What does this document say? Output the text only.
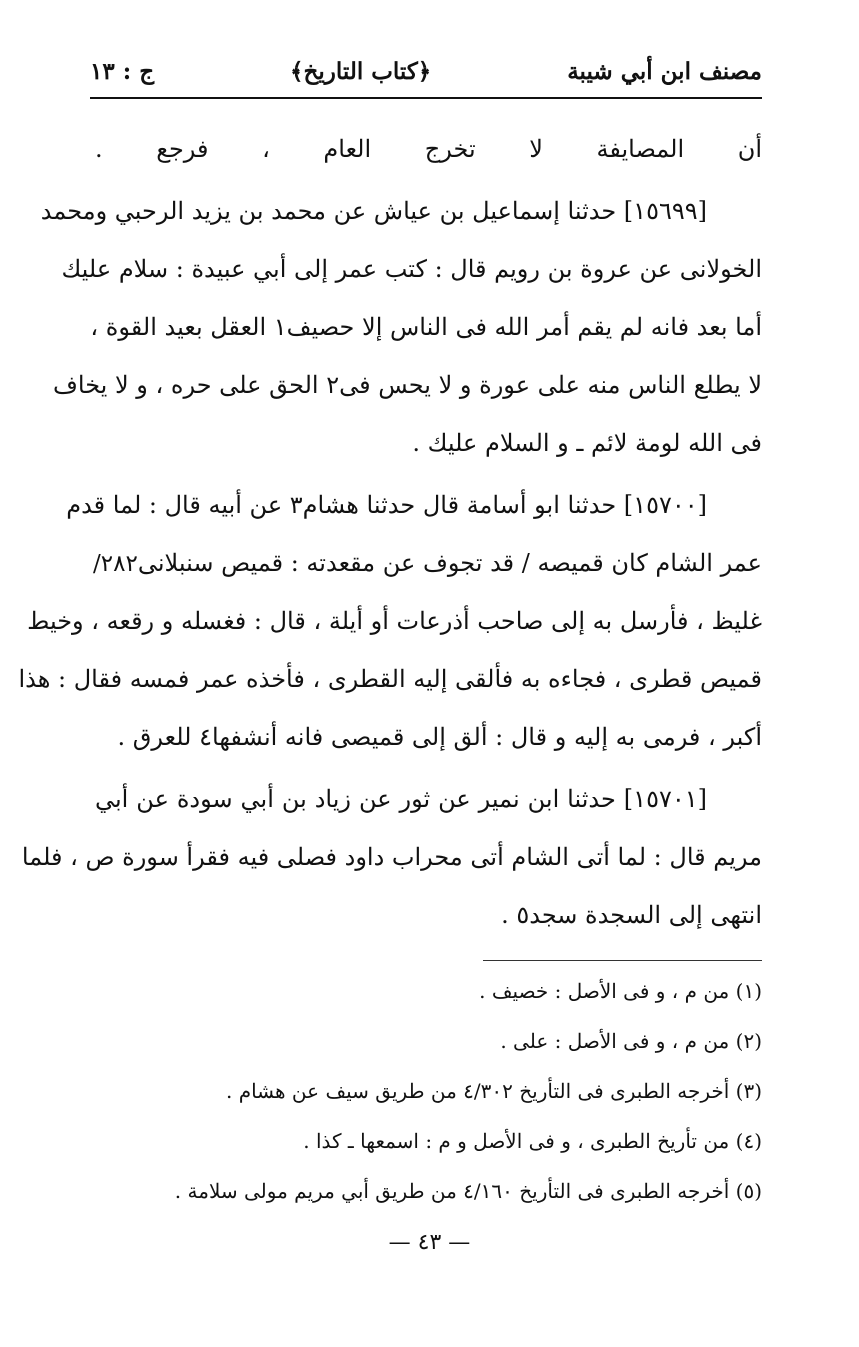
مصنف ابن أبي شيبة
﴿كتاب التاريخ﴾
ج : ١٣
أن المصايفة لا تخرج العام ، فرجع .
[١٥٦٩٩] حدثنا إسماعيل بن عياش عن محمد بن يزيد الرحبي ومحمد
الخولانى عن عروة بن رويم قال : كتب عمر إلى أبي عبيدة : سلام عليك
أما بعد فانه لم يقم أمر الله فى الناس إلا حصيف١ العقل بعيد القوة ،
لا يطلع الناس منه على عورة و لا يحس فى٢ الحق على حره ، و لا يخاف
فى الله لومة لائم ـ و السلام عليك .
[١٥٧٠٠] حدثنا ابو أسامة قال حدثنا هشام٣ عن أبيه قال : لما قدم
عمر الشام كان قميصه / قد تجوف عن مقعدته : قميص سنبلانى٢٨٢/
غليظ ، فأرسل به إلى صاحب أذرعات أو أيلة ، قال : فغسله و رقعه ، وخيط
قميص قطرى ، فجاءه به فألقى إليه القطرى ، فأخذه عمر فمسه فقال : هذا
أكبر ، فرمى به إليه و قال : ألق إلى قميصى فانه أنشفها٤ للعرق .
[١٥٧٠١] حدثنا ابن نمير عن ثور عن زياد بن أبي سودة عن أبي
مريم قال : لما أتى الشام أتى محراب داود فصلى فيه فقرأ سورة ص ، فلما
انتهى إلى السجدة سجد٥ .
(١) من م ، و فى الأصل : خصيف .
(٢) من م ، و فى الأصل : على .
(٣) أخرجه الطبرى فى التأريخ ٤/٣٠٢ من طريق سيف عن هشام .
(٤) من تأريخ الطبرى ، و فى الأصل و م : اسمعها ـ كذا .
(٥) أخرجه الطبرى فى التأريخ ٤/١٦٠ من طريق أبي مريم مولى سلامة .
— ٤٣ —
